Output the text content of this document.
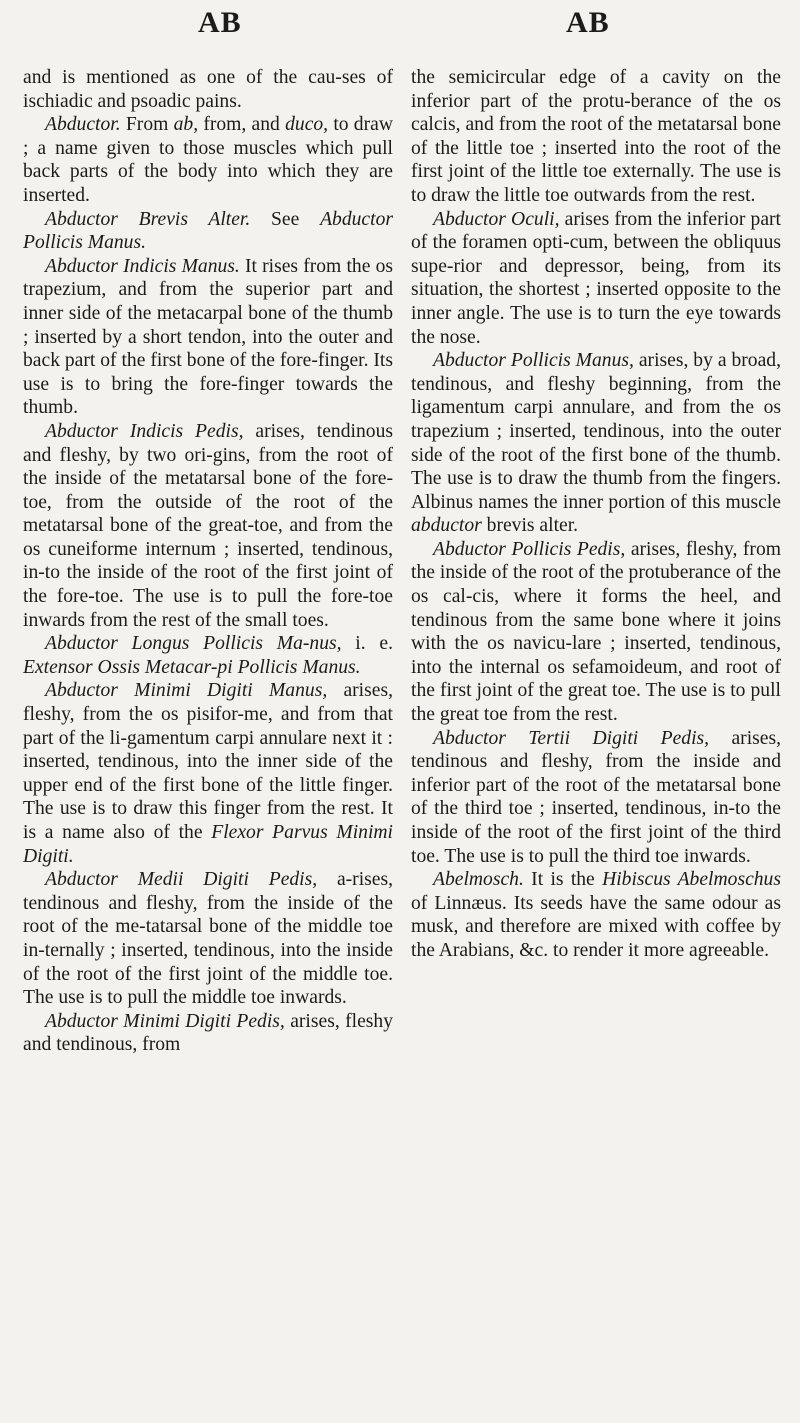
AB	AB

and is mentioned as one of the cau-ses of ischiadic and psoadic pains.

Abductor. From ab, from, and duco, to draw ; a name given to those muscles which pull back parts of the body into which they are inserted.

Abductor Brevis Alter. See Abductor Pollicis Manus.

Abductor Indicis Manus. It rises from the os trapezium, and from the superior part and inner side of the metacarpal bone of the thumb ; inserted by a short tendon, into the outer and back part of the first bone of the fore-finger. Its use is to bring the fore-finger towards the thumb.

Abductor Indicis Pedis, arises, tendinous and fleshy, by two ori-gins, from the root of the inside of the metatarsal bone of the fore-toe, from the outside of the root of the metatarsal bone of the great-toe, and from the os cuneiforme internum ; inserted, tendinous, in-to the inside of the root of the first joint of the fore-toe. The use is to pull the fore-toe inwards from the rest of the small toes.

Abductor Longus Pollicis Ma-nus, i. e. Extensor Ossis Metacar-pi Pollicis Manus.

Abductor Minimi Digiti Manus, arises, fleshy, from the os pisifor-me, and from that part of the li-gamentum carpi annulare next it : inserted, tendinous, into the inner side of the upper end of the first bone of the little finger. The use is to draw this finger from the rest. It is a name also of the Flexor Parvus Minimi Digiti.

Abductor Medii Digiti Pedis, a-rises, tendinous and fleshy, from the inside of the root of the me-tatarsal bone of the middle toe in-ternally ; inserted, tendinous, into the inside of the root of the first joint of the middle toe. The use is to pull the middle toe inwards.

Abductor Minimi Digiti Pedis, arises, fleshy and tendinous, from

the semicircular edge of a cavity on the inferior part of the protu-berance of the os calcis, and from the root of the metatarsal bone of the little toe ; inserted into the root of the first joint of the little toe externally. The use is to draw the little toe outwards from the rest.

Abductor Oculi, arises from the inferior part of the foramen opti-cum, between the obliquus supe-rior and depressor, being, from its situation, the shortest ; inserted opposite to the inner angle. The use is to turn the eye towards the nose.

Abductor Pollicis Manus, arises, by a broad, tendinous, and fleshy beginning, from the ligamentum carpi annulare, and from the os trapezium ; inserted, tendinous, into the outer side of the root of the first bone of the thumb. The use is to draw the thumb from the fingers. Albinus names the inner portion of this muscle abductor brevis alter.

Abductor Pollicis Pedis, arises, fleshy, from the inside of the root of the protuberance of the os cal-cis, where it forms the heel, and tendinous from the same bone where it joins with the os navicu-lare ; inserted, tendinous, into the internal os sefamoideum, and root of the first joint of the great toe. The use is to pull the great toe from the rest.

Abductor Tertii Digiti Pedis, arises, tendinous and fleshy, from the inside and inferior part of the root of the metatarsal bone of the third toe ; inserted, tendinous, in-to the inside of the root of the first joint of the third toe. The use is to pull the third toe inwards.

Abelmosch. It is the Hibiscus Abelmoschus of Linnæus. Its seeds have the same odour as musk, and therefore are mixed with coffee by the Arabians, &c. to render it more agreeable.
